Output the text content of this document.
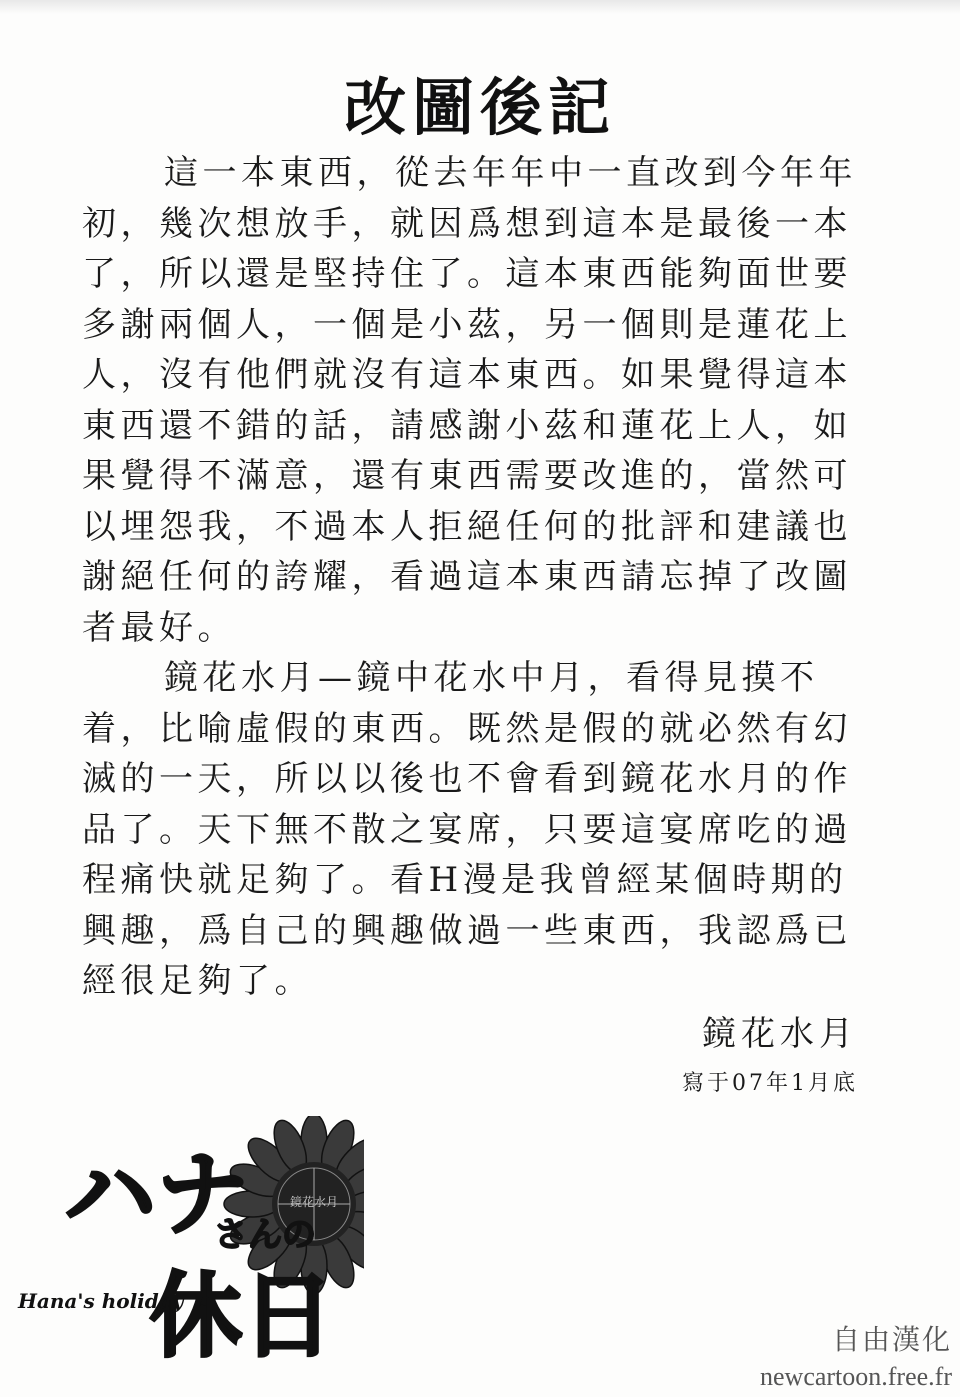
改圖後記

這一本東西，從去年年中一直改到今年年初，幾次想放手，就因爲想到這本是最後一本了，所以還是堅持住了。這本東西能夠面世要多謝兩個人，一個是小茲，另一個則是蓮花上人，沒有他們就沒有這本東西。如果覺得這本東西還不錯的話，請感謝小茲和蓮花上人，如果覺得不滿意，還有東西需要改進的，當然可以埋怨我，不過本人拒絕任何的批評和建議也謝絕任何的誇耀，看過這本東西請忘掉了改圖者最好。

鏡花水月—鏡中花水中月，看得見摸不着，比喻虛假的東西。既然是假的就必然有幻滅的一天，所以以後也不會看到鏡花水月的作品了。天下無不散之宴席，只要這宴席吃的過程痛快就足夠了。看H漫是我曾經某個時期的興趣，爲自己的興趣做過一些東西，我認爲已經很足夠了。

鏡花水月
寫于07年1月底
鏡花水月
ハナ
さんの
休日
Hana's holiday
自由漢化
newcartoon.free.fr
